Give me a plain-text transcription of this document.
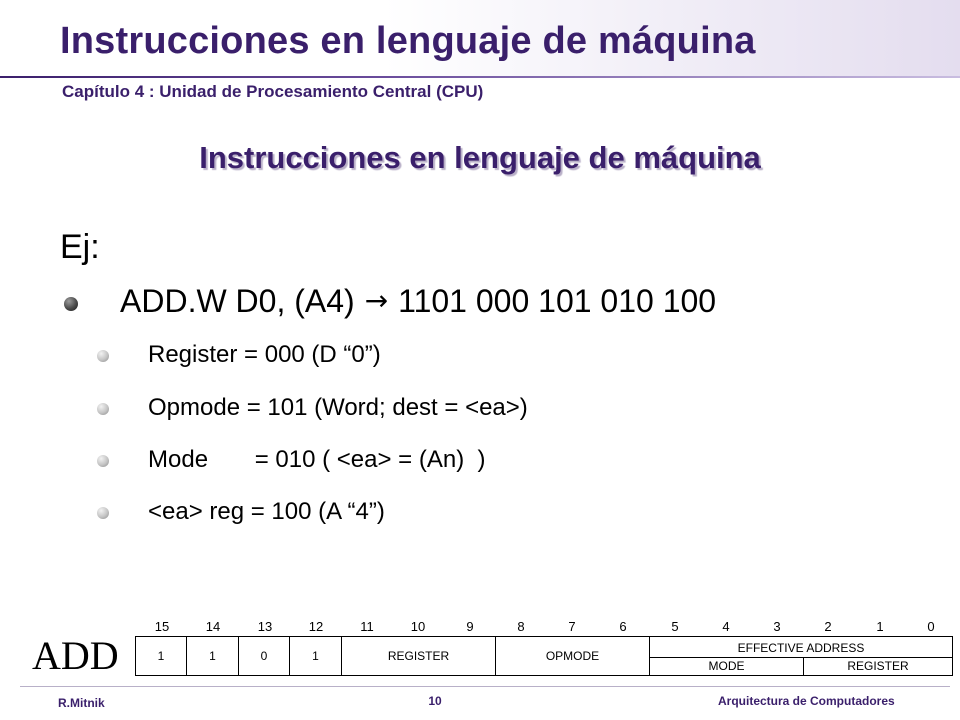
Instrucciones en lenguaje de máquina
Capítulo 4 : Unidad de Procesamiento Central (CPU)
Instrucciones en lenguaje de máquina
Ej:
ADD.W D0, (A4) → 1101 000 101 010 100
Register = 000 (D “0”)
Opmode = 101 (Word; dest = <ea>)
Mode       = 010 ( <ea> = (An)  )
<ea> reg = 100 (A “4”)
ADD
15	14	13	12	11	10	9	8	7	6	5	4	3	2	1	0
1	1	0	1	REGISTER	OPMODE
EFFECTIVE ADDRESS
MODE	REGISTER
R.Mitnik	10	Arquitectura de Computadores
